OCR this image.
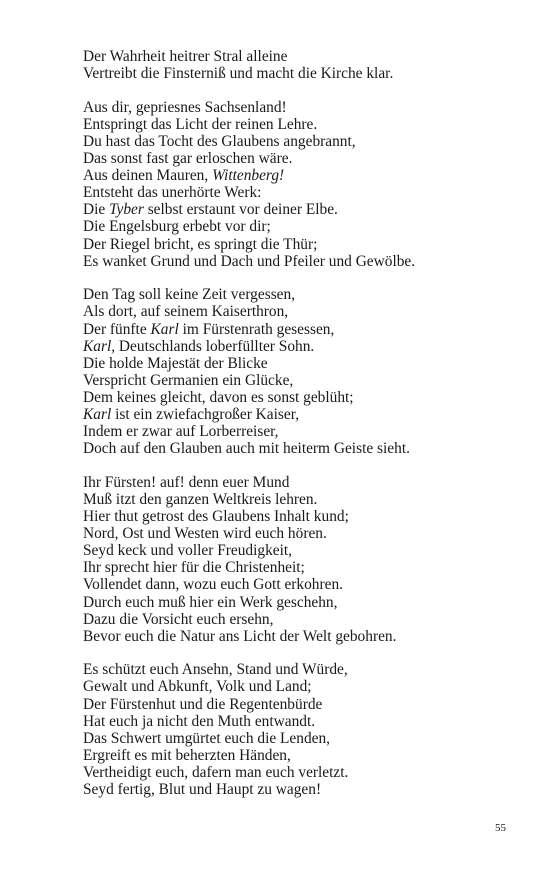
Der Wahrheit heitrer Stral alleine
Vertreibt die Finsterniß und macht die Kirche klar.
Aus dir, gepriesnes Sachsenland!
Entspringt das Licht der reinen Lehre.
Du hast das Tocht des Glaubens angebrannt,
Das sonst fast gar erloschen wäre.
Aus deinen Mauren, Wittenberg!
Entsteht das unerhörte Werk:
Die Tyber selbst erstaunt vor deiner Elbe.
Die Engelsburg erbebt vor dir;
Der Riegel bricht, es springt die Thür;
Es wanket Grund und Dach und Pfeiler und Gewölbe.
Den Tag soll keine Zeit vergessen,
Als dort, auf seinem Kaiserthron,
Der fünfte Karl im Fürstenrath gesessen,
Karl, Deutschlands loberfüllter Sohn.
Die holde Majestät der Blicke
Verspricht Germanien ein Glücke,
Dem keines gleicht, davon es sonst geblüht;
Karl ist ein zwiefachgroßer Kaiser,
Indem er zwar auf Lorberreiser,
Doch auf den Glauben auch mit heiterm Geiste sieht.
Ihr Fürsten! auf! denn euer Mund
Muß itzt den ganzen Weltkreis lehren.
Hier thut getrost des Glaubens Inhalt kund;
Nord, Ost und Westen wird euch hören.
Seyd keck und voller Freudigkeit,
Ihr sprecht hier für die Christenheit;
Vollendet dann, wozu euch Gott erkohren.
Durch euch muß hier ein Werk geschehn,
Dazu die Vorsicht euch ersehn,
Bevor euch die Natur ans Licht der Welt gebohren.
Es schützt euch Ansehn, Stand und Würde,
Gewalt und Abkunft, Volk und Land;
Der Fürstenhut und die Regentenbürde
Hat euch ja nicht den Muth entwandt.
Das Schwert umgürtet euch die Lenden,
Ergreift es mit beherzten Händen,
Vertheidigt euch, dafern man euch verletzt.
Seyd fertig, Blut und Haupt zu wagen!
55
